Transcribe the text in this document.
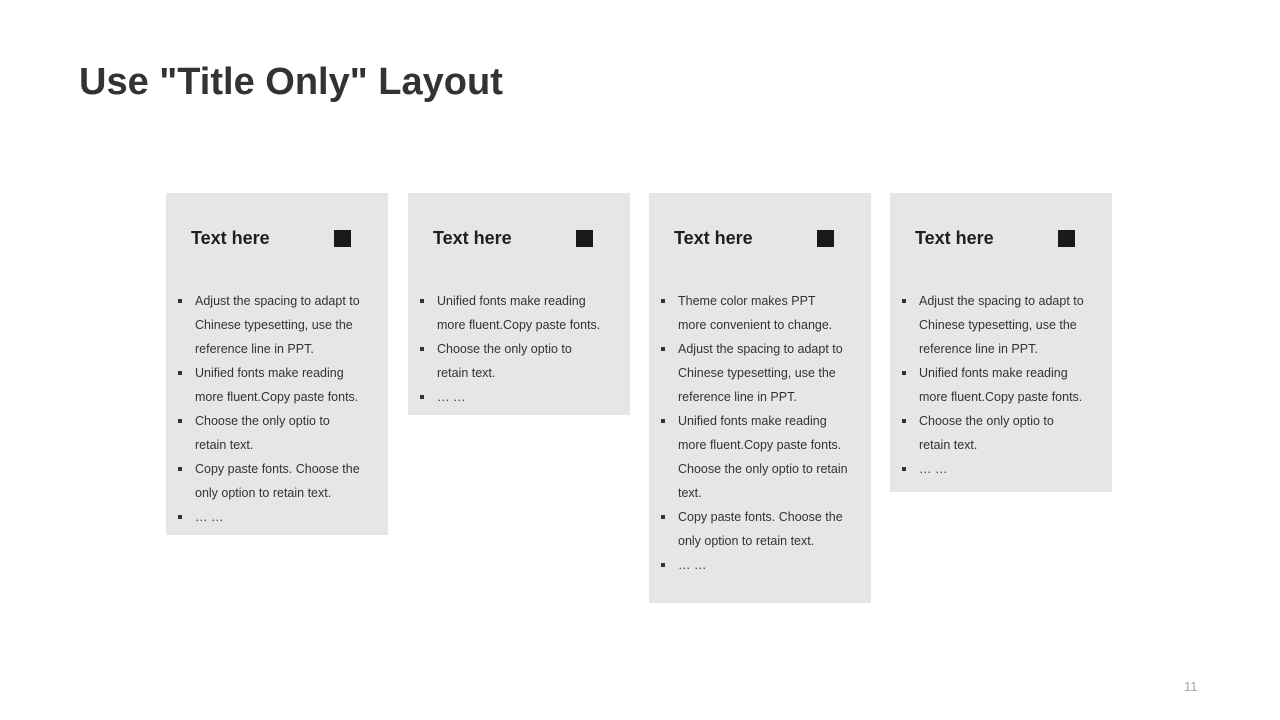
Use "Title Only" Layout
Text here
Adjust the spacing to adapt to Chinese typesetting, use the reference line in PPT.
Unified fonts make reading more fluent.Copy paste fonts.
Choose the only optio to retain text.
Copy paste fonts. Choose the only option to retain text.
… …
Text here
Unified fonts make reading more fluent.Copy paste fonts.
Choose the only optio to retain text.
… …
Text here
Theme color makes PPT more convenient to change.
Adjust the spacing to adapt to Chinese typesetting, use the reference line in PPT.
Unified fonts make reading more fluent.Copy paste fonts. Choose the only optio to retain text.
Copy paste fonts. Choose the only option to retain text.
… …
Text here
Adjust the spacing to adapt to Chinese typesetting, use the reference line in PPT.
Unified fonts make reading more fluent.Copy paste fonts.
Choose the only optio to retain text.
… …
11
